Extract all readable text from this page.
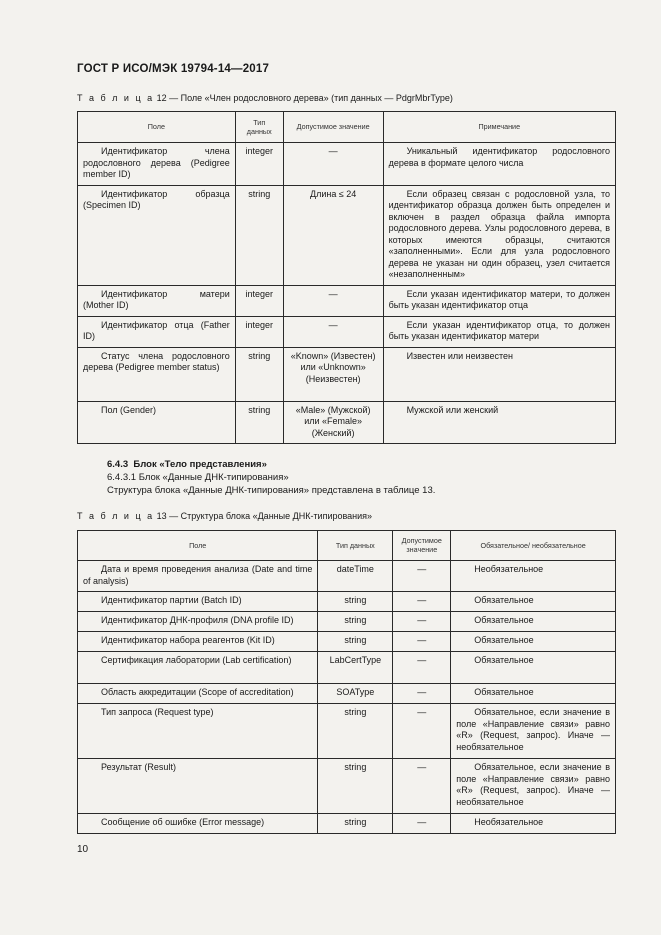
ГОСТ Р ИСО/МЭК 19794-14—2017
Т а б л и ц а 12 — Поле «Член родословного дерева» (тип данных — PdgrMbrType)
Поле	Тип данных	Допустимое значение	Примечание

Идентификатор члена родословного дерева (Pedigree member ID)	integer	—	Уникальный идентификатор родословного дерева в формате целого числа

Идентификатор образца (Specimen ID)	string	Длина ≤ 24	Если образец связан с родословной узла, то идентификатор образца должен быть определен и включен в раздел образца файла импорта родословного дерева. Узлы родословного дерева, в которых имеются образцы, считаются «заполненными». Если для узла родословного дерева не указан ни один образец, узел считается «незаполненным»

Идентификатор матери (Mother ID)	integer	—	Если указан идентификатор матери, то должен быть указан идентификатор отца

Идентификатор отца (Father ID)	integer	—	Если указан идентификатор отца, то должен быть указан идентификатор матери

Статус члена родословного дерева (Pedigree member status)	string	«Known» (Известен) или «Unknown» (Неизвестен)	Известен или неизвестен

Пол (Gender)	string	«Male» (Мужской) или «Female» (Женский)	Мужской или женский
6.4.3 Блок «Тело представления»
6.4.3.1 Блок «Данные ДНК-типирования»
Структура блока «Данные ДНК-типирования» представлена в таблице 13.
Т а б л и ц а 13 — Структура блока «Данные ДНК-типирования»
Поле	Тип данных	Допустимое значение	Обязательное/ необязательное

Дата и время проведения анализа (Date and time of analysis)	dateTime	—	Необязательное

Идентификатор партии (Batch ID)	string	—	Обязательное

Идентификатор ДНК-профиля (DNA profile ID)	string	—	Обязательное

Идентификатор набора реагентов (Kit ID)	string	—	Обязательное

Сертификация лаборатории (Lab certification)	LabCertType	—	Обязательное

Область аккредитации (Scope of accreditation)	SOAType	—	Обязательное

Тип запроса (Request type)	string	—	Обязательное, если значение в поле «Направление связи» равно «R» (Request, запрос). Иначе — необязательное

Результат (Result)	string	—	Обязательное, если значение в поле «Направление связи» равно «R» (Request, запрос). Иначе — необязательное

Сообщение об ошибке (Error message)	string	—	Необязательное
10
